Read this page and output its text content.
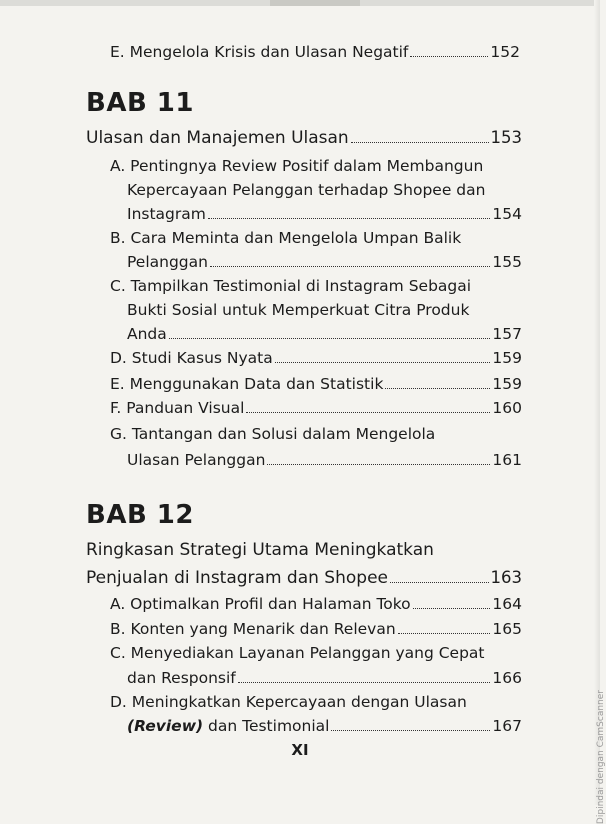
E. Mengelola Krisis dan Ulasan Negatif	152
BAB 11
Ulasan dan Manajemen Ulasan	153
A. Pentingnya Review Positif dalam Membangun
Kepercayaan Pelanggan terhadap Shopee dan
Instagram	154
B. Cara Meminta dan Mengelola Umpan Balik
Pelanggan	155
C. Tampilkan Testimonial di Instagram Sebagai
Bukti Sosial untuk Memperkuat Citra Produk
Anda	157
D. Studi Kasus Nyata	159
E. Menggunakan Data dan Statistik	159
F. Panduan Visual	160
G. Tantangan dan Solusi dalam Mengelola
Ulasan Pelanggan	161
BAB 12
Ringkasan Strategi Utama Meningkatkan
Penjualan di Instagram dan Shopee	163
A. Optimalkan Profil dan Halaman Toko	164
B. Konten yang Menarik dan Relevan	165
C. Menyediakan Layanan Pelanggan yang Cepat
dan Responsif	166
D. Meningkatkan Kepercayaan dengan Ulasan
(Review) dan Testimonial	167
XI	Dipindai dengan CamScanner
